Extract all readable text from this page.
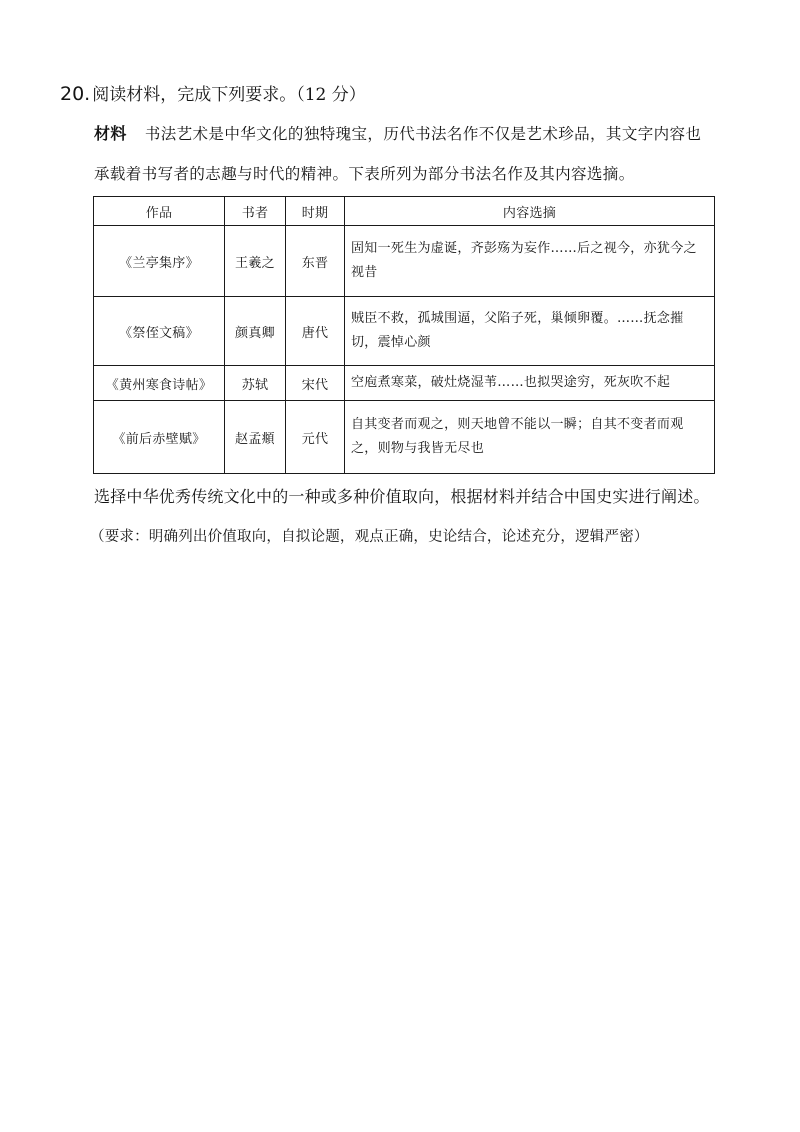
20. 阅读材料，完成下列要求。（12 分）
材料 书法艺术是中华文化的独特瑰宝，历代书法名作不仅是艺术珍品，其文字内容也承载着书写者的志趣与时代的精神。下表所列为部分书法名作及其内容选摘。
作品	书者	时期	内容选摘
《兰亭集序》	王羲之	东晋	固知一死生为虚诞，齐彭殇为妄作……后之视今，亦犹今之视昔
《祭侄文稿》	颜真卿	唐代	贼臣不救，孤城围逼，父陷子死，巢倾卵覆。……抚念摧切，震悼心颜
《黄州寒食诗帖》	苏轼	宋代	空庖煮寒菜，破灶烧湿苇……也拟哭途穷，死灰吹不起
《前后赤壁赋》	赵孟頫	元代	自其变者而观之，则天地曾不能以一瞬；自其不变者而观之，则物与我皆无尽也
选择中华优秀传统文化中的一种或多种价值取向，根据材料并结合中国史实进行阐述。
（要求：明确列出价值取向，自拟论题，观点正确，史论结合，论述充分，逻辑严密）
